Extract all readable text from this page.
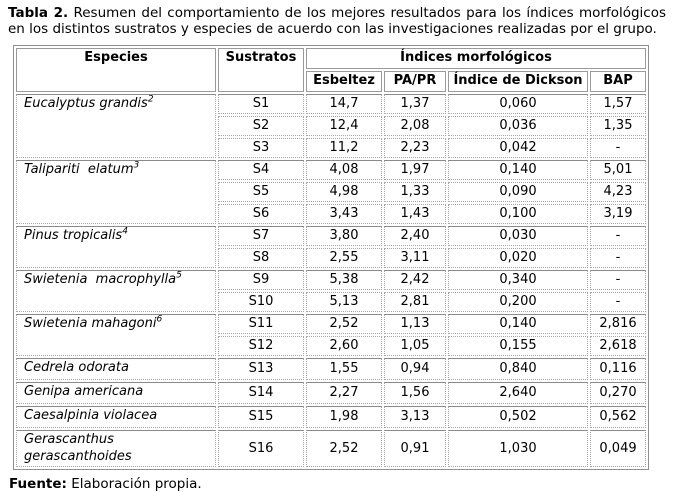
Tabla 2. Resumen del comportamiento de los mejores resultados para los índices morfológicos en los distintos sustratos y especies de acuerdo con las investigaciones realizadas por el grupo.

Especies	Sustratos	Índices morfológicos			
		Esbeltez	PA/PR	Índice de Dickson	BAP
Eucalyptus grandis$^2$	S1	14,7	1,37	0,060	1,57
	S2	12,4	2,08	0,036	1,35
	S3	11,2	2,23	0,042	-
Talipariti  elatum$^3$	S4	4,08	1,97	0,140	5,01
	S5	4,98	1,33	0,090	4,23
	S6	3,43	1,43	0,100	3,19
Pinus tropicalis$^4$	S7	3,80	2,40	0,030	-
	S8	2,55	3,11	0,020	-
Swietenia  macrophylla$^5$	S9	5,38	2,42	0,340	-
	S10	5,13	2,81	0,200	-
Swietenia mahagoni$^6$	S11	2,52	1,13	0,140	2,816
	S12	2,60	1,05	0,155	2,618
Cedrela odorata	S13	1,55	0,94	0,840	0,116
Genipa americana	S14	2,27	1,56	2,640	0,270
Caesalpinia violacea	S15	1,98	3,13	0,502	0,562
Gerascanthus gerascanthoides	S16	2,52	0,91	1,030	0,049

Fuente: Elaboración propia.
